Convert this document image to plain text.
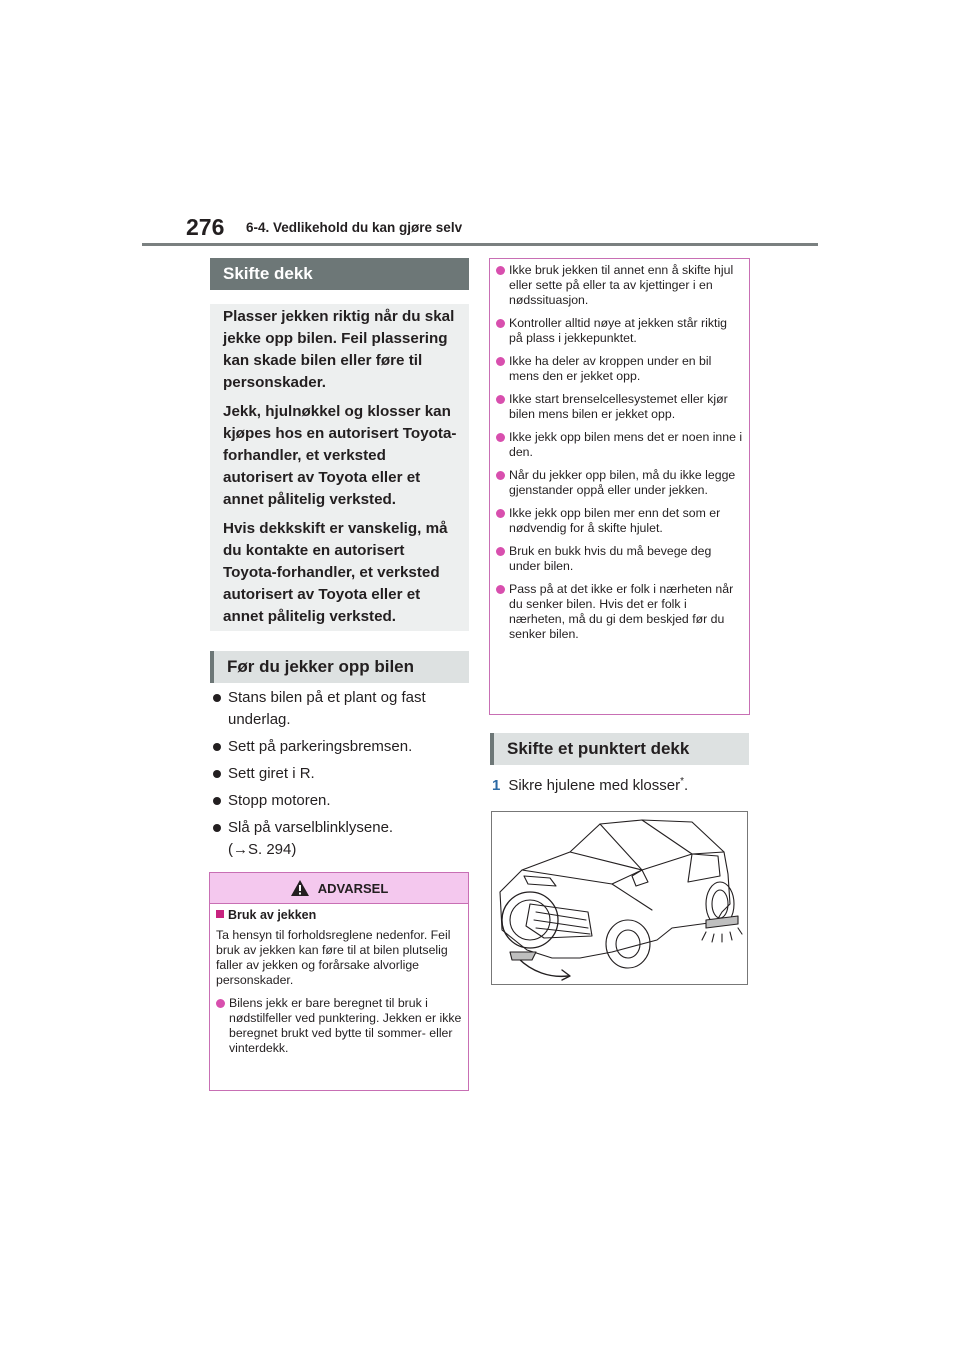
276 6-4. Vedlikehold du kan gjøre selv
Skifte dekk

Plasser jekken riktig når du skal jekke opp bilen. Feil plassering kan skade bilen eller føre til personskader.

Jekk, hjulnøkkel og klosser kan kjøpes hos en autorisert Toyota-forhandler, et verksted autorisert av Toyota eller et annet pålitelig verksted.

Hvis dekkskift er vanskelig, må du kontakte en autorisert Toyota-forhandler, et verksted autorisert av Toyota eller et annet pålitelig verksted.

Før du jekker opp bilen
Stans bilen på et plant og fast underlag.
Sett på parkeringsbremsen.
Sett giret i R.
Stopp motoren.
Slå på varselblinklysene.
(→S. 294)
ADVARSEL
Bruk av jekken
Ta hensyn til forholdsreglene nedenfor. Feil bruk av jekken kan føre til at bilen plutselig faller av jekken og forårsake alvorlige personskader.
Bilens jekk er bare beregnet til bruk i nødstilfeller ved punktering. Jekken er ikke beregnet brukt ved bytte til sommer- eller vinterdekk.
Ikke bruk jekken til annet enn å skifte hjul eller sette på eller ta av kjettinger i en nødssituasjon.
Kontroller alltid nøye at jekken står riktig på plass i jekkepunktet.
Ikke ha deler av kroppen under en bil mens den er jekket opp.
Ikke start brenselcellesystemet eller kjør bilen mens bilen er jekket opp.
Ikke jekk opp bilen mens det er noen inne i den.
Når du jekker opp bilen, må du ikke legge gjenstander oppå eller under jekken.
Ikke jekk opp bilen mer enn det som er nødvendig for å skifte hjulet.
Bruk en bukk hvis du må bevege deg under bilen.
Pass på at det ikke er folk i nærheten når du senker bilen. Hvis det er folk i nærheten, må du gi dem beskjed før du senker bilen.
Skifte et punktert dekk
1 Sikre hjulene med klosser*.
